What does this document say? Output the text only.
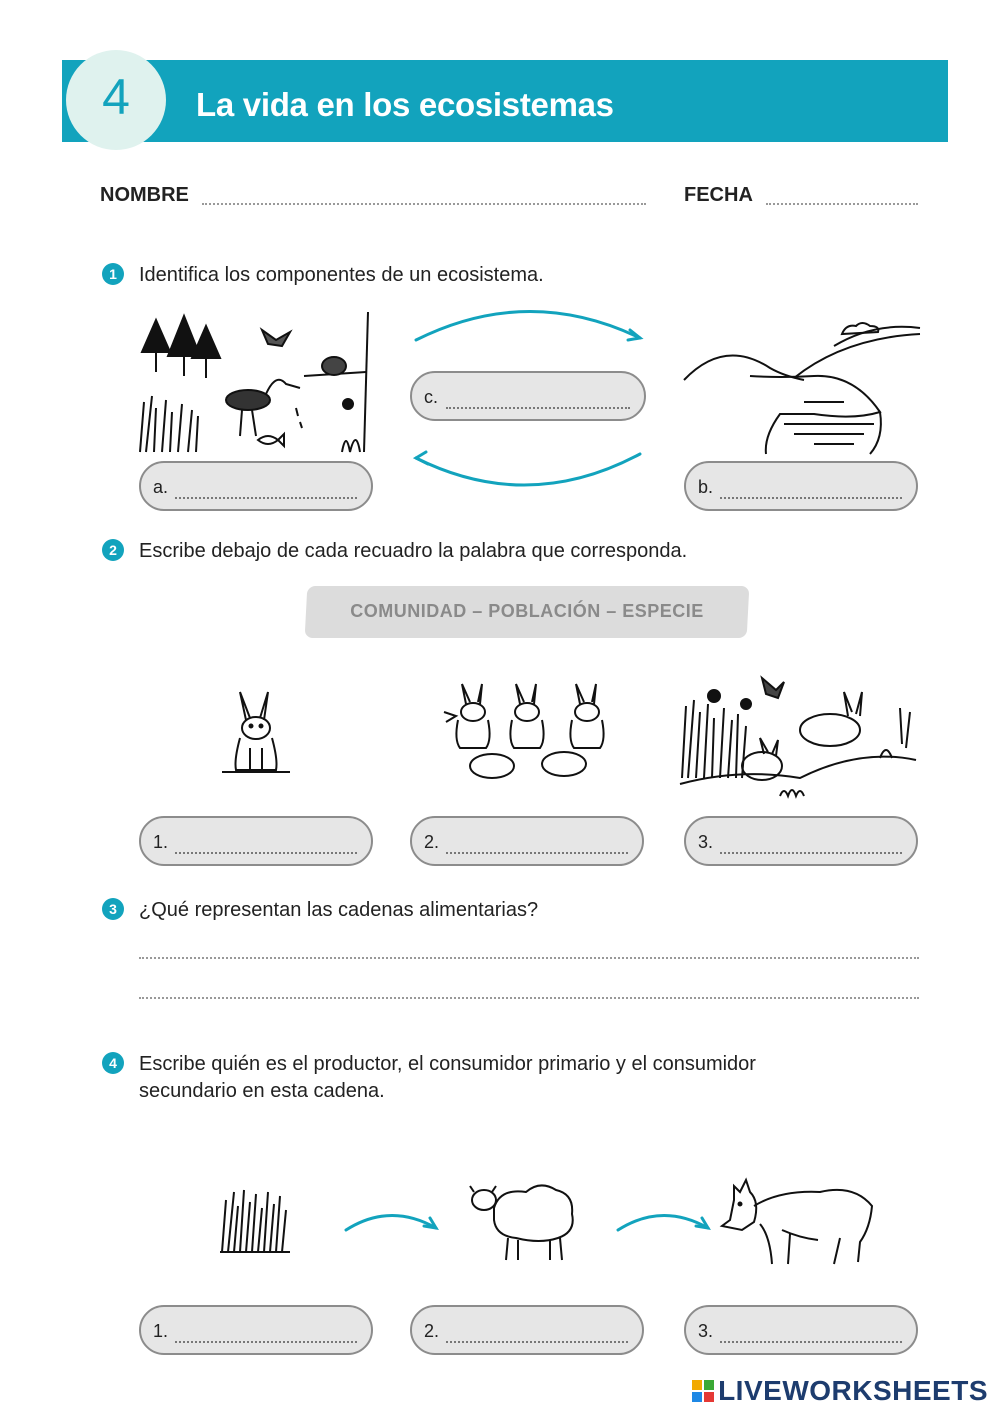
4	La vida en los ecosistemas
NOMBRE	FECHA
1	Identifica los componentes de un ecosistema.
c.
a.	b.
2	Escribe debajo de cada recuadro la palabra que corresponda.
COMUNIDAD – POBLACIÓN – ESPECIE
1.	2.	3.
3	¿Qué representan las cadenas alimentarias?
4	Escribe quién es el productor, el consumidor primario y el consumidor
secundario en esta cadena.
1.	2.	3.
LIVEWORKSHEETS
